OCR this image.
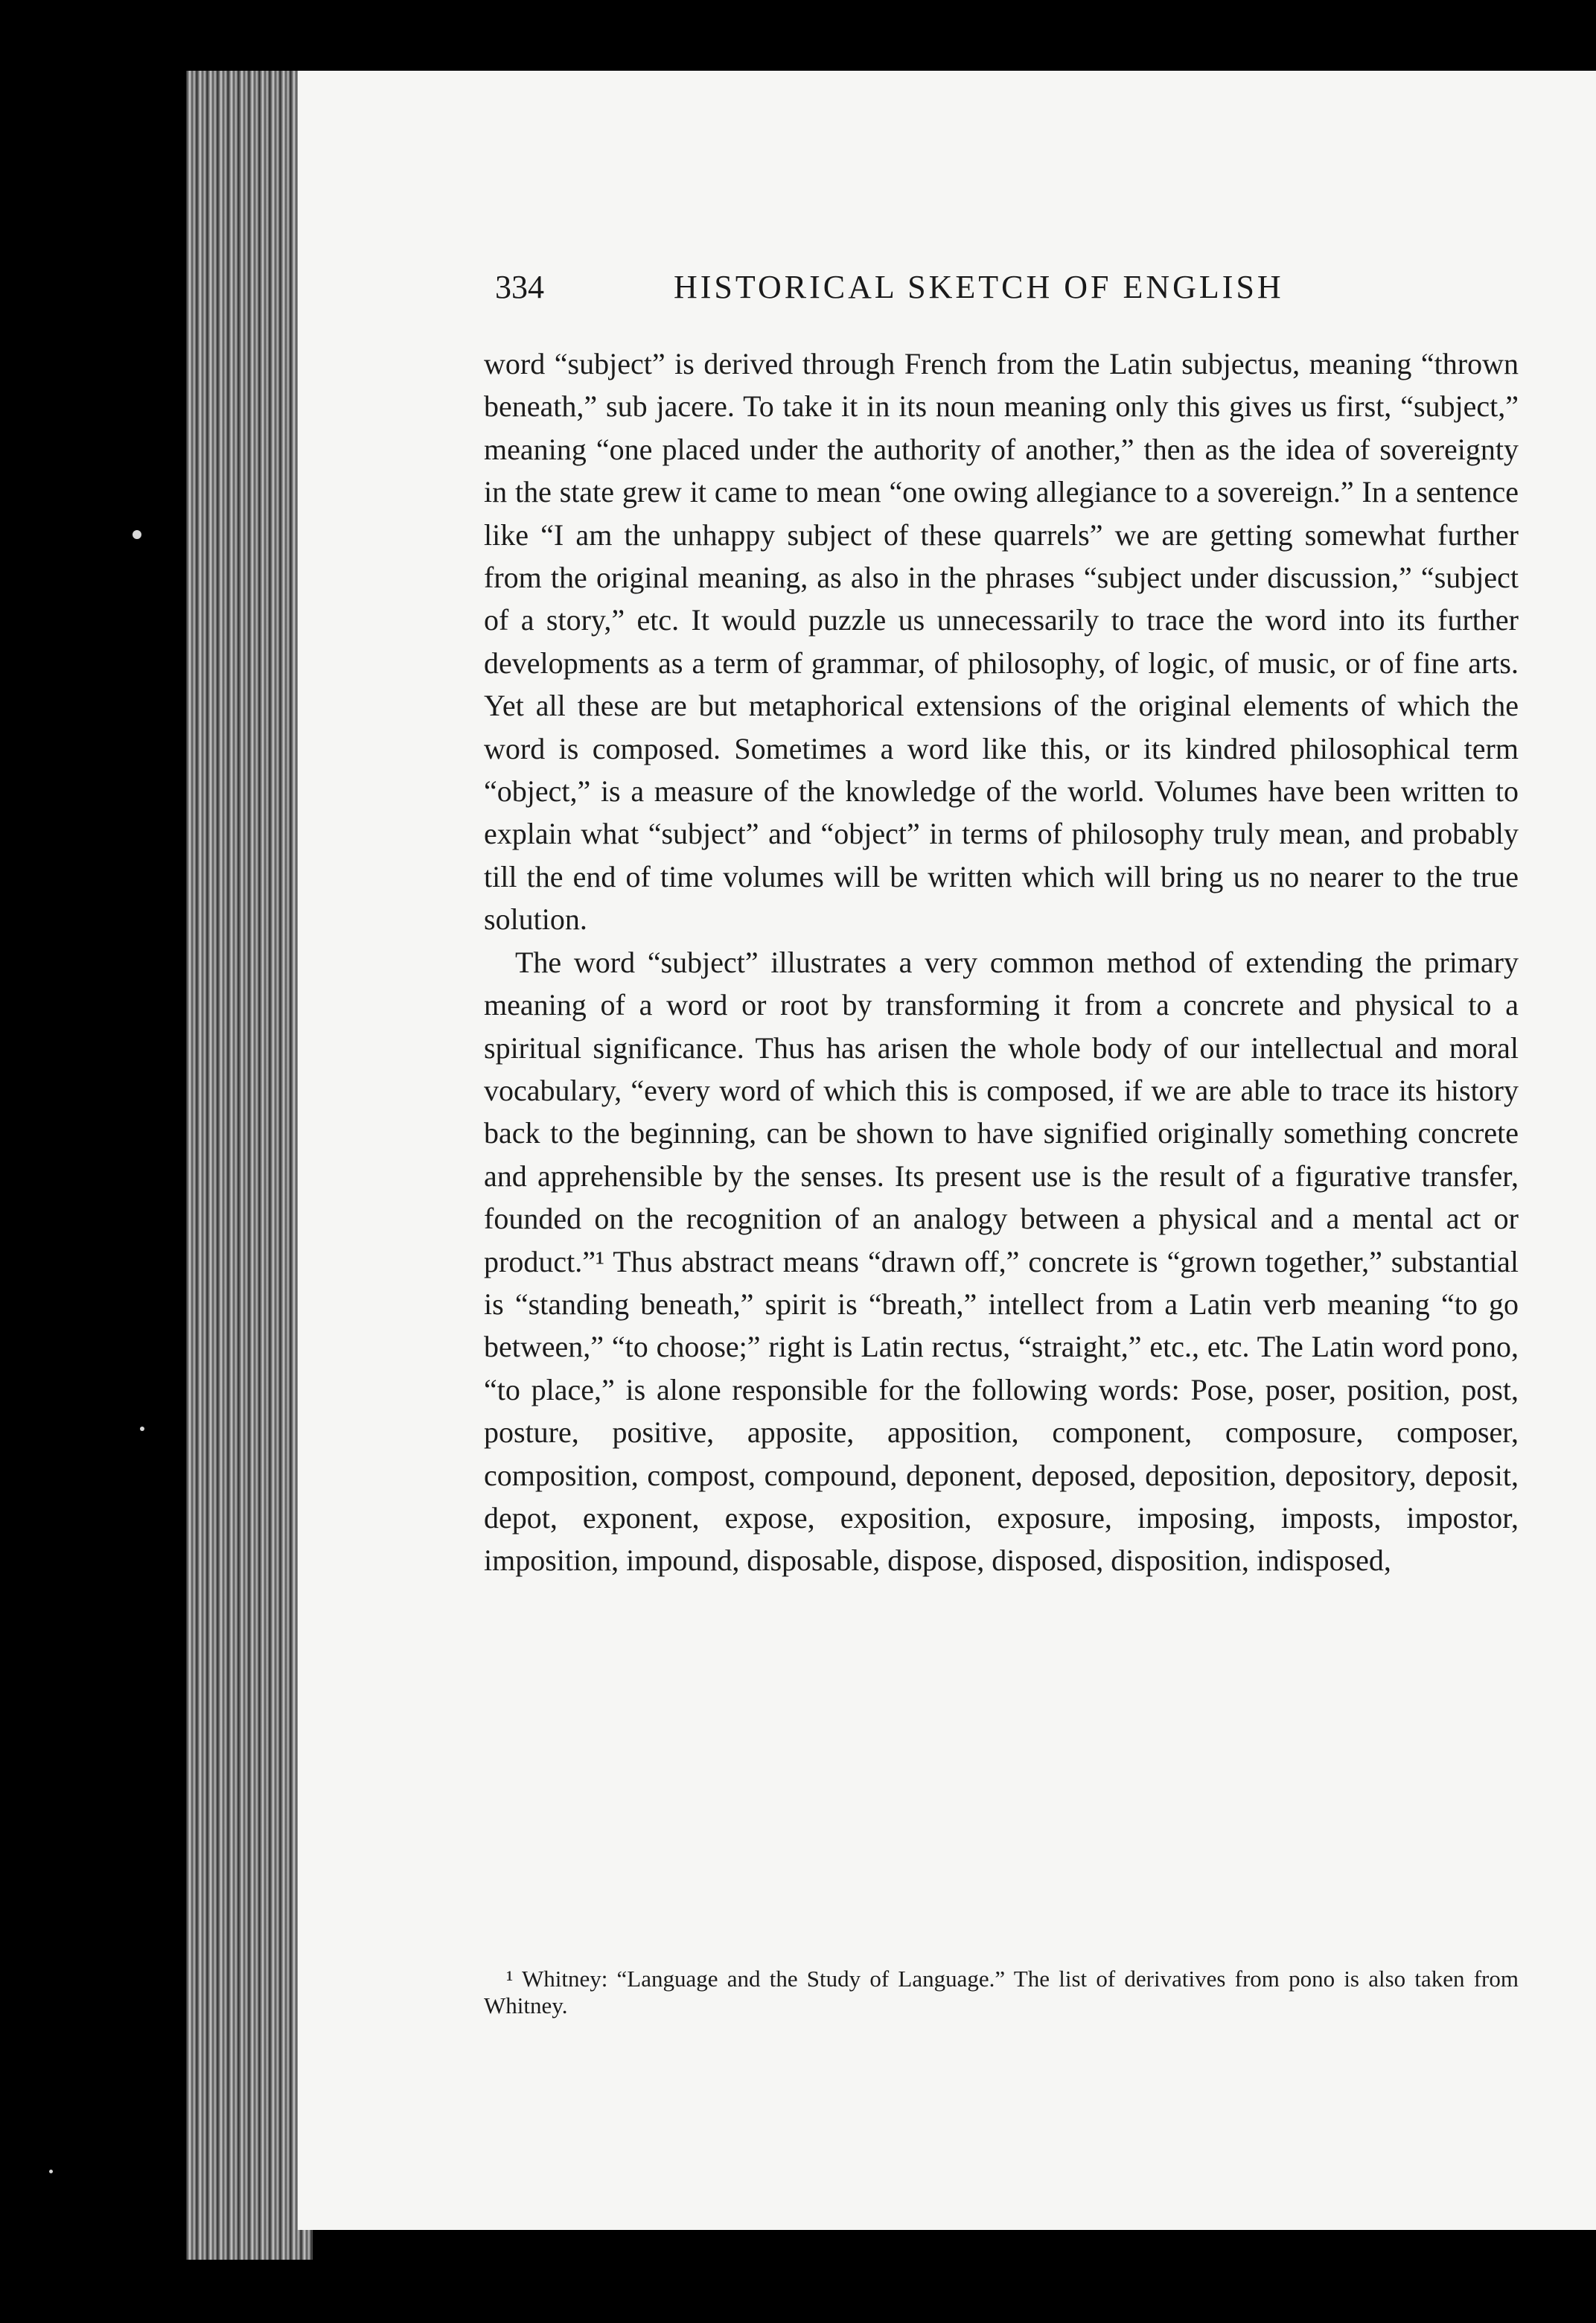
334	HISTORICAL SKETCH OF ENGLISH

word “subject” is derived through French from the Latin subjectus, meaning “thrown beneath,” sub jacere. To take it in its noun meaning only this gives us first, “subject,” meaning “one placed under the authority of another,” then as the idea of sovereignty in the state grew it came to mean “one owing allegiance to a sovereign.” In a sentence like “I am the unhappy subject of these quarrels” we are getting somewhat further from the original meaning, as also in the phrases “subject under discussion,” “subject of a story,” etc. It would puzzle us unnecessarily to trace the word into its further developments as a term of grammar, of philosophy, of logic, of music, or of fine arts. Yet all these are but metaphorical extensions of the original elements of which the word is composed. Sometimes a word like this, or its kindred philosophical term “object,” is a measure of the knowledge of the world. Volumes have been written to explain what “subject” and “object” in terms of philosophy truly mean, and probably till the end of time volumes will be written which will bring us no nearer to the true solution.

The word “subject” illustrates a very common method of extending the primary meaning of a word or root by transforming it from a concrete and physical to a spiritual significance. Thus has arisen the whole body of our intellectual and moral vocabulary, “every word of which this is composed, if we are able to trace its history back to the beginning, can be shown to have signified originally something concrete and apprehensible by the senses. Its present use is the result of a figurative transfer, founded on the recognition of an analogy between a physical and a mental act or product.”¹ Thus abstract means “drawn off,” concrete is “grown together,” substantial is “standing beneath,” spirit is “breath,” intellect from a Latin verb meaning “to go between,” “to choose;” right is Latin rectus, “straight,” etc., etc. The Latin word pono, “to place,” is alone responsible for the following words: Pose, poser, position, post, posture, positive, apposite, apposition, component, composure, composer, composition, compost, compound, deponent, deposed, deposition, depository, deposit, depot, exponent, expose, exposition, exposure, imposing, imposts, impostor, imposition, impound, disposable, dispose, disposed, disposition, indisposed,

¹ Whitney: “Language and the Study of Language.” The list of derivatives from pono is also taken from Whitney.
